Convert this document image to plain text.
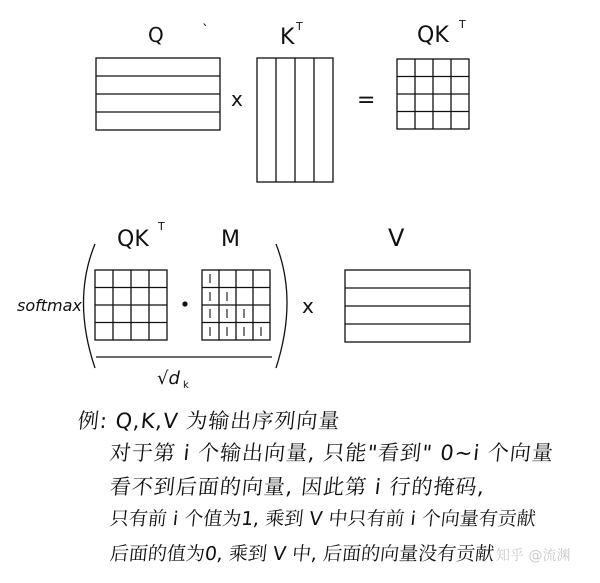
Q	`	K T	QK T
x	=
softmax
QK
T
M
√d k
x
V
例: Q,K,V 为输出序列向量
对于第 i 个输出向量, 只能"看到" 0~i 个向量
看不到后面的向量, 因此第 i 行的掩码,
只有前 i 个值为1, 乘到 V 中只有前 i 个向量有贡献
后面的值为0, 乘到 V 中, 后面的向量没有贡献 知乎 @流渊
